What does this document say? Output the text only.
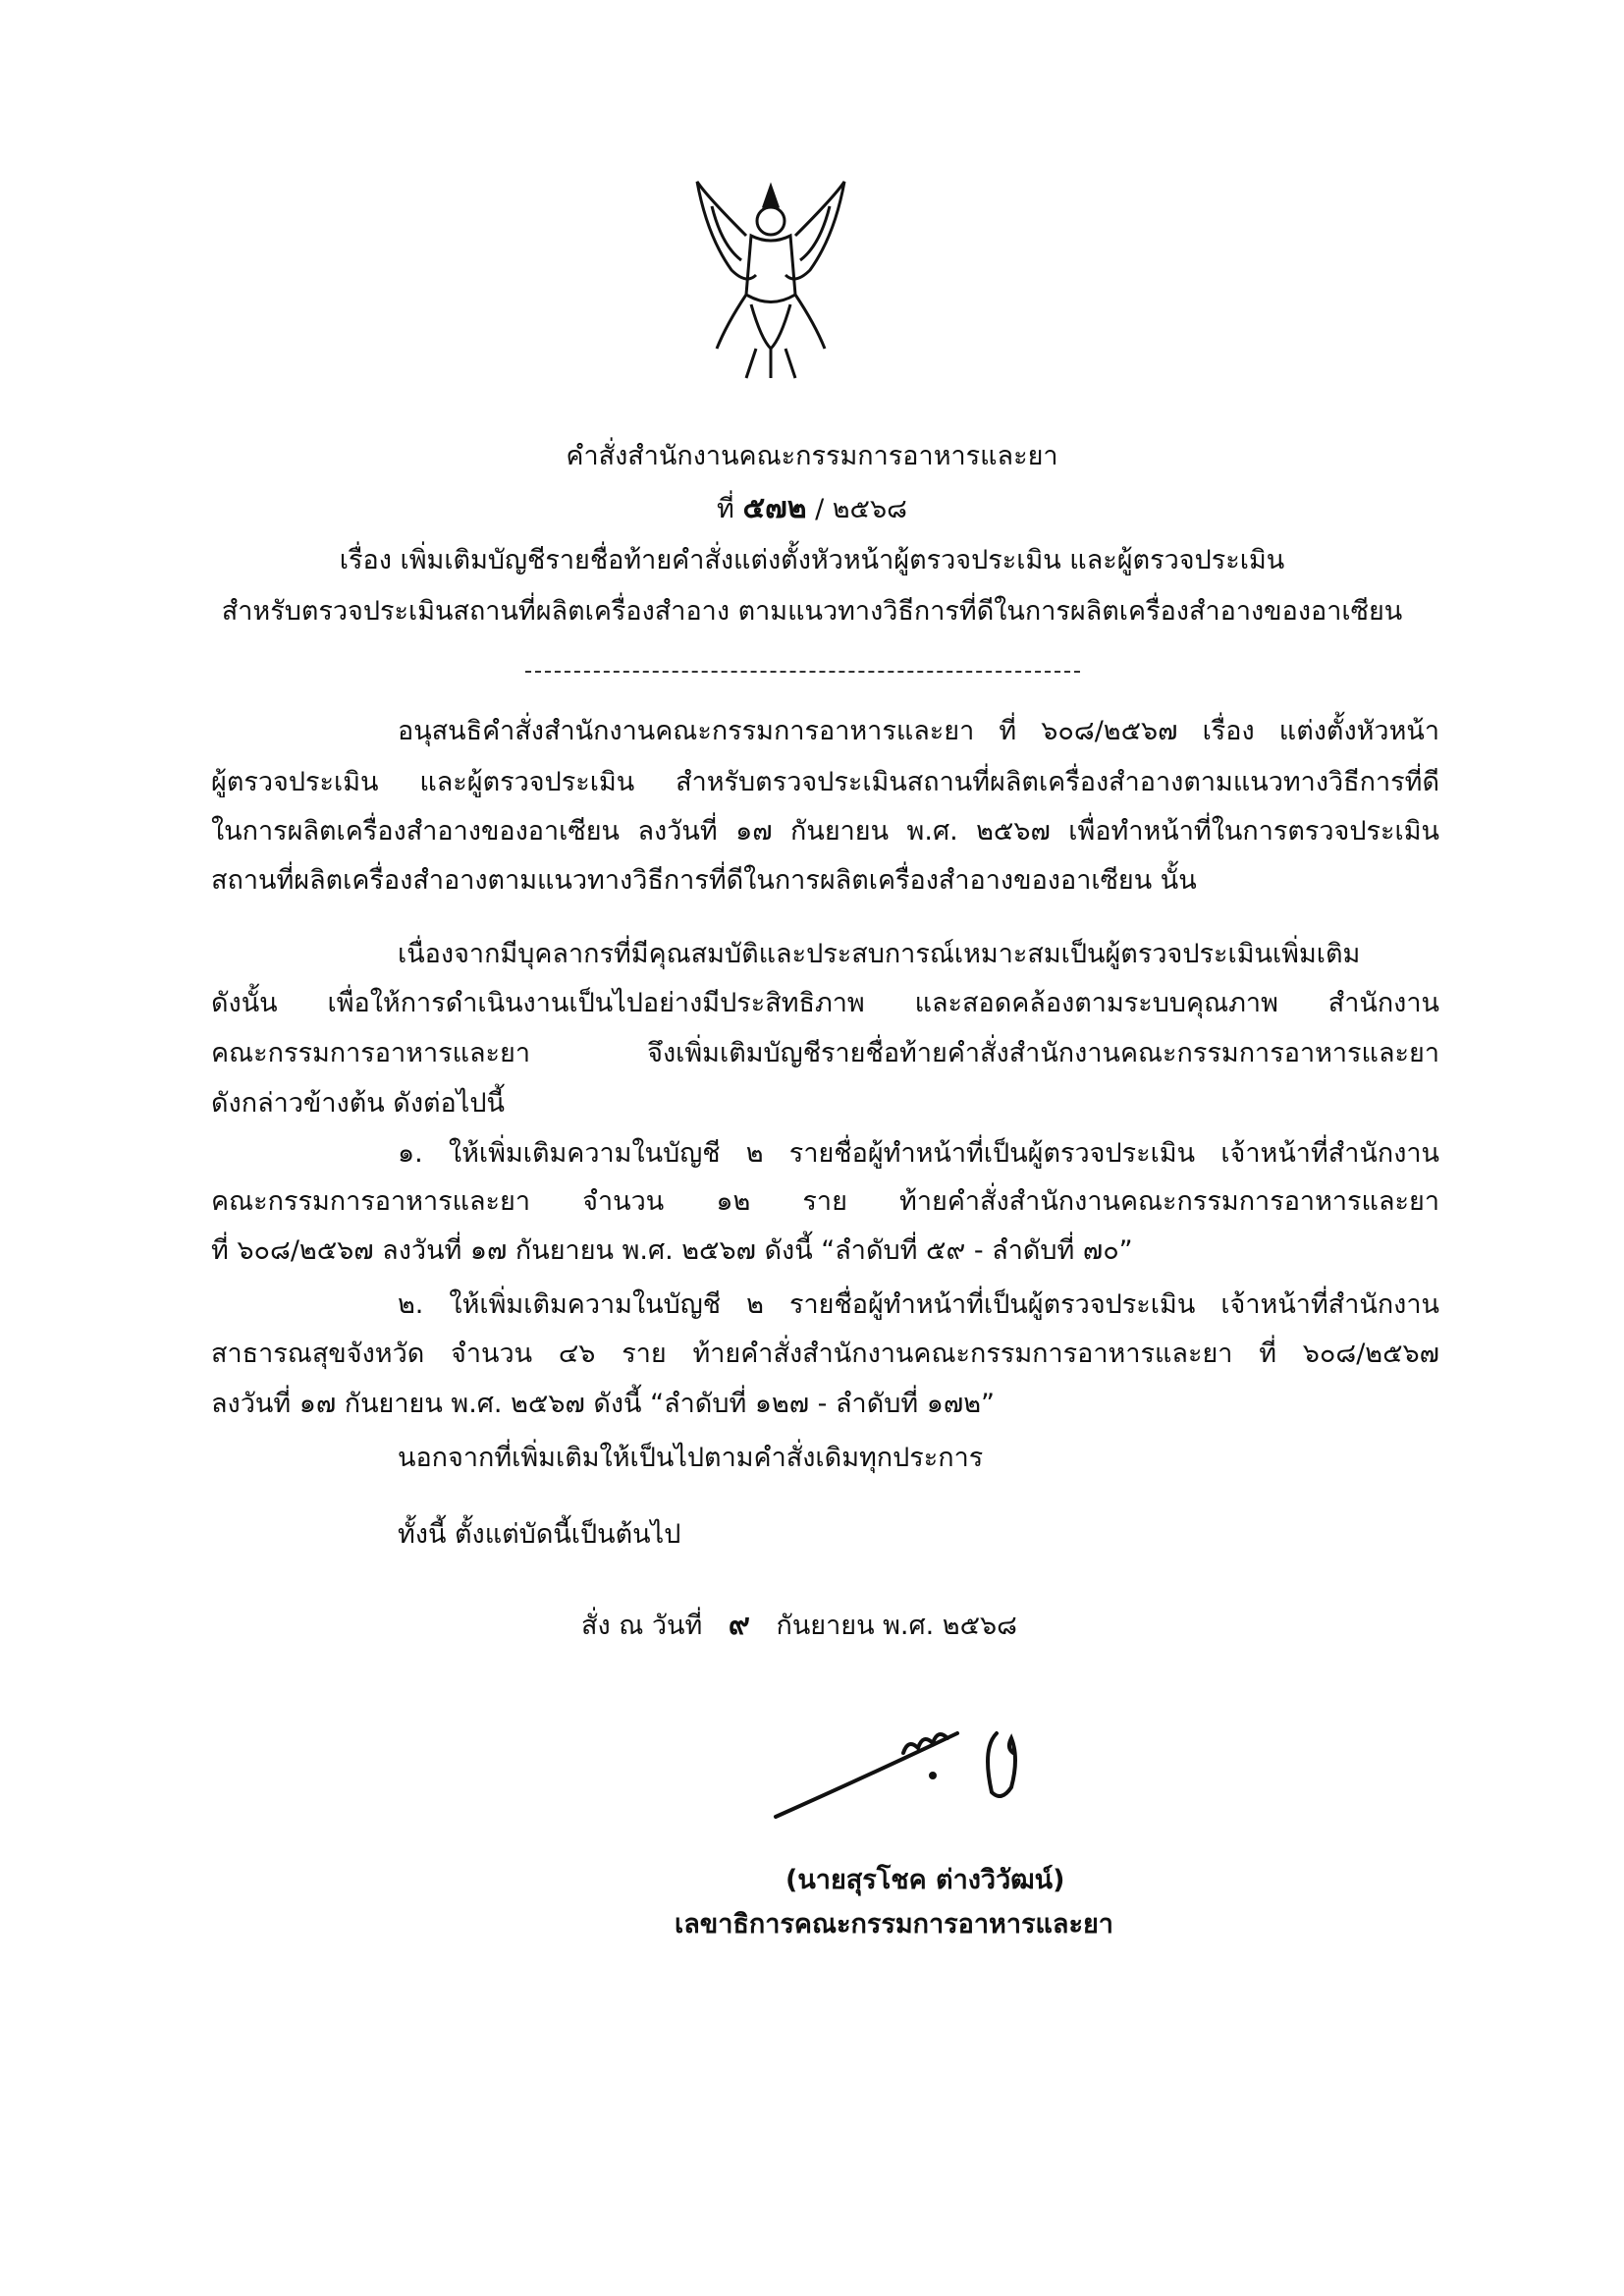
คำสั่งสำนักงานคณะกรรมการอาหารและยา
ที่ ๕๗๒ / ๒๕๖๘
เรื่อง เพิ่มเติมบัญชีรายชื่อท้ายคำสั่งแต่งตั้งหัวหน้าผู้ตรวจประเมิน และผู้ตรวจประเมิน
สำหรับตรวจประเมินสถานที่ผลิตเครื่องสำอาง ตามแนวทางวิธีการที่ดีในการผลิตเครื่องสำอางของอาเซียน
อนุสนธิคำสั่งสำนักงานคณะกรรมการอาหารและยา ที่ ๖๐๘/๒๕๖๗ เรื่อง แต่งตั้งหัวหน้า
ผู้ตรวจประเมิน และผู้ตรวจประเมิน สำหรับตรวจประเมินสถานที่ผลิตเครื่องสำอางตามแนวทางวิธีการที่ดี
ในการผลิตเครื่องสำอางของอาเซียน ลงวันที่ ๑๗ กันยายน พ.ศ. ๒๕๖๗ เพื่อทำหน้าที่ในการตรวจประเมิน
สถานที่ผลิตเครื่องสำอางตามแนวทางวิธีการที่ดีในการผลิตเครื่องสำอางของอาเซียน นั้น
เนื่องจากมีบุคลากรที่มีคุณสมบัติและประสบการณ์เหมาะสมเป็นผู้ตรวจประเมินเพิ่มเติม
ดังนั้น เพื่อให้การดำเนินงานเป็นไปอย่างมีประสิทธิภาพ และสอดคล้องตามระบบคุณภาพ สำนักงาน
คณะกรรมการอาหารและยา จึงเพิ่มเติมบัญชีรายชื่อท้ายคำสั่งสำนักงานคณะกรรมการอาหารและยา
ดังกล่าวข้างต้น ดังต่อไปนี้
๑. ให้เพิ่มเติมความในบัญชี ๒ รายชื่อผู้ทำหน้าที่เป็นผู้ตรวจประเมิน เจ้าหน้าที่สำนักงาน
คณะกรรมการอาหารและยา จำนวน ๑๒ ราย ท้ายคำสั่งสำนักงานคณะกรรมการอาหารและยา
ที่ ๖๐๘/๒๕๖๗ ลงวันที่ ๑๗ กันยายน พ.ศ. ๒๕๖๗ ดังนี้ “ลำดับที่ ๕๙ - ลำดับที่ ๗๐”
๒. ให้เพิ่มเติมความในบัญชี ๒ รายชื่อผู้ทำหน้าที่เป็นผู้ตรวจประเมิน เจ้าหน้าที่สำนักงาน
สาธารณสุขจังหวัด จำนวน ๔๖ ราย ท้ายคำสั่งสำนักงานคณะกรรมการอาหารและยา ที่ ๖๐๘/๒๕๖๗
ลงวันที่ ๑๗ กันยายน พ.ศ. ๒๕๖๗ ดังนี้ “ลำดับที่ ๑๒๗ - ลำดับที่ ๑๗๒”
นอกจากที่เพิ่มเติมให้เป็นไปตามคำสั่งเดิมทุกประการ
ทั้งนี้ ตั้งแต่บัดนี้เป็นต้นไป
สั่ง ณ วันที่ ๙ กันยายน พ.ศ. ๒๕๖๘
(นายสุรโชค ต่างวิวัฒน์)
เลขาธิการคณะกรรมการอาหารและยา
